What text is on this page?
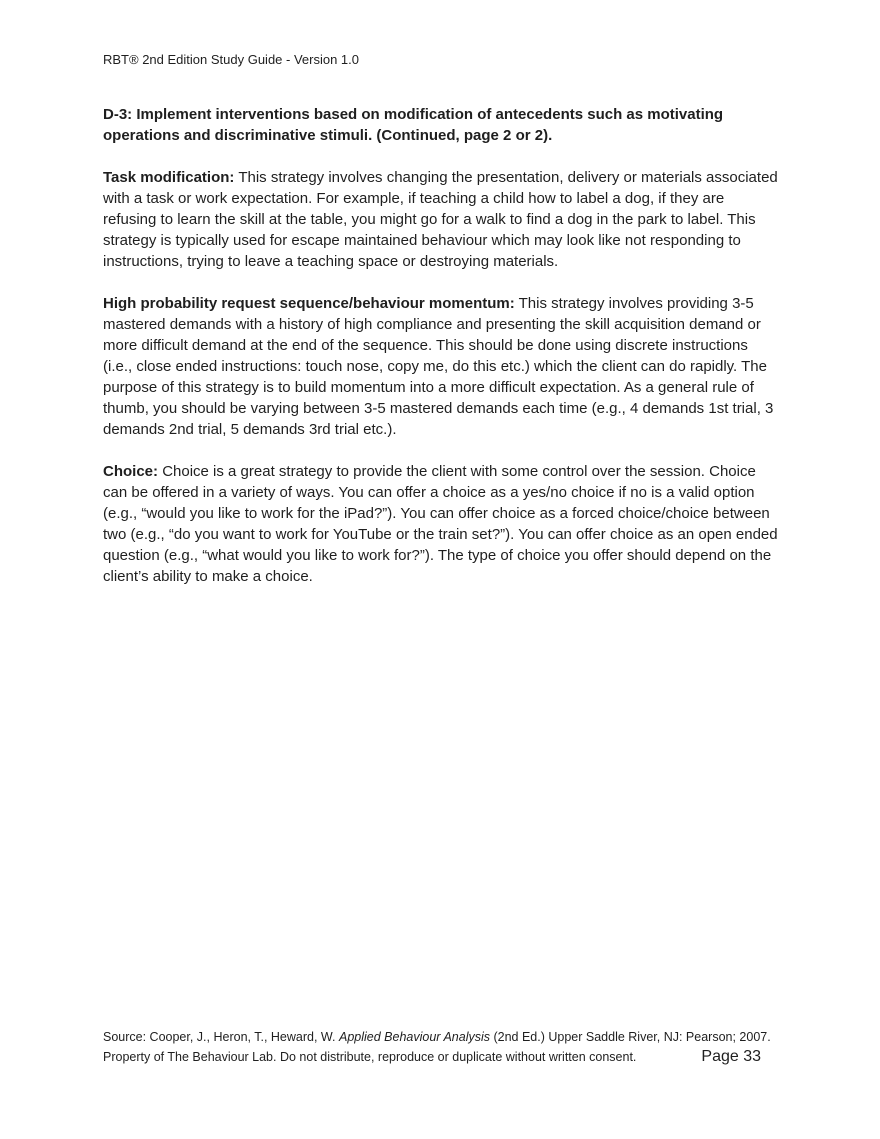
RBT® 2nd Edition Study Guide - Version 1.0
D-3: Implement interventions based on modification of antecedents such as motivating operations and discriminative stimuli. (Continued, page 2 or 2).

Task modification: This strategy involves changing the presentation, delivery or materials associated with a task or work expectation. For example, if teaching a child how to label a dog, if they are refusing to learn the skill at the table, you might go for a walk to find a dog in the park to label. This strategy is typically used for escape maintained behaviour which may look like not responding to instructions, trying to leave a teaching space or destroying materials.

High probability request sequence/behaviour momentum: This strategy involves providing 3-5 mastered demands with a history of high compliance and presenting the skill acquisition demand or more difficult demand at the end of the sequence. This should be done using discrete instructions (i.e., close ended instructions: touch nose, copy me, do this etc.) which the client can do rapidly. The purpose of this strategy is to build momentum into a more difficult expectation. As a general rule of thumb, you should be varying between 3-5 mastered demands each time (e.g., 4 demands 1st trial, 3 demands 2nd trial, 5 demands 3rd trial etc.).

Choice: Choice is a great strategy to provide the client with some control over the session. Choice can be offered in a variety of ways. You can offer a choice as a yes/no choice if no is a valid option (e.g., “would you like to work for the iPad?”). You can offer choice as a forced choice/choice between two (e.g., “do you want to work for YouTube or the train set?”). You can offer choice as an open ended question (e.g., “what would you like to work for?”). The type of choice you offer should depend on the client’s ability to make a choice.

Source: Cooper, J., Heron, T., Heward, W. Applied Behaviour Analysis (2nd Ed.) Upper Saddle River, NJ: Pearson; 2007.
Property of The Behaviour Lab. Do not distribute, reproduce or duplicate without written consent.	Page 33
